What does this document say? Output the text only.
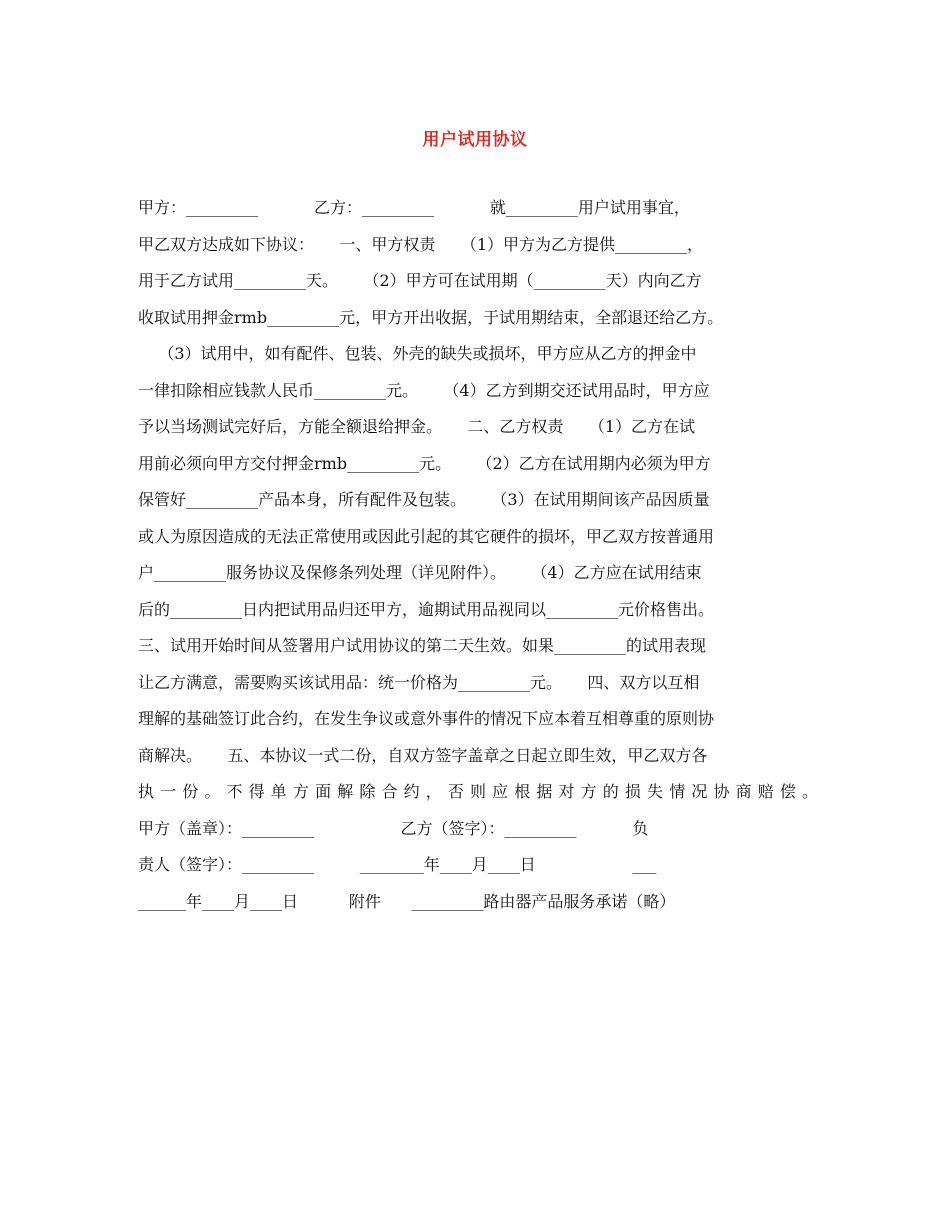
用户试用协议
甲方：_________           乙方：_________           就_________用户试用事宜，
甲乙双方达成如下协议：     一、甲方权责     （1）甲方为乙方提供_________，
用于乙方试用_________天。     （2）甲方可在试用期（_________天）内向乙方
收取试用押金rmb_________元，甲方开出收据，于试用期结束，全部退还给乙方。
（3）试用中，如有配件、包装、外壳的缺失或损坏，甲方应从乙方的押金中
一律扣除相应钱款人民币_________元。     （4）乙方到期交还试用品时，甲方应
予以当场测试完好后，方能全额退给押金。     二、乙方权责     （1）乙方在试
用前必须向甲方交付押金rmb_________元。     （2）乙方在试用期内必须为甲方
保管好_________产品本身，所有配件及包装。     （3）在试用期间该产品因质量
或人为原因造成的无法正常使用或因此引起的其它硬件的损坏，甲乙双方按普通用
户_________服务协议及保修条列处理（详见附件）。     （4）乙方应在试用结束
后的_________日内把试用品归还甲方，逾期试用品视同以_________元价格售出。
三、试用开始时间从签署用户试用协议的第二天生效。如果_________的试用表现
让乙方满意，需要购买该试用品：统一价格为_________元。     四、双方以互相
理解的基础签订此合约，在发生争议或意外事件的情况下应本着互相尊重的原则协
商解决。     五、本协议一式二份，自双方签字盖章之日起立即生效，甲乙双方各
执一份。不得单方面解除合约，否则应根据对方的损失情况协商赔偿。
甲方（盖章）：_________                 乙方（签字）：_________           负
责人（签字）：_________         ________年____月____日                   ___
______年____月____日          附件      _________路由器产品服务承诺（略）
